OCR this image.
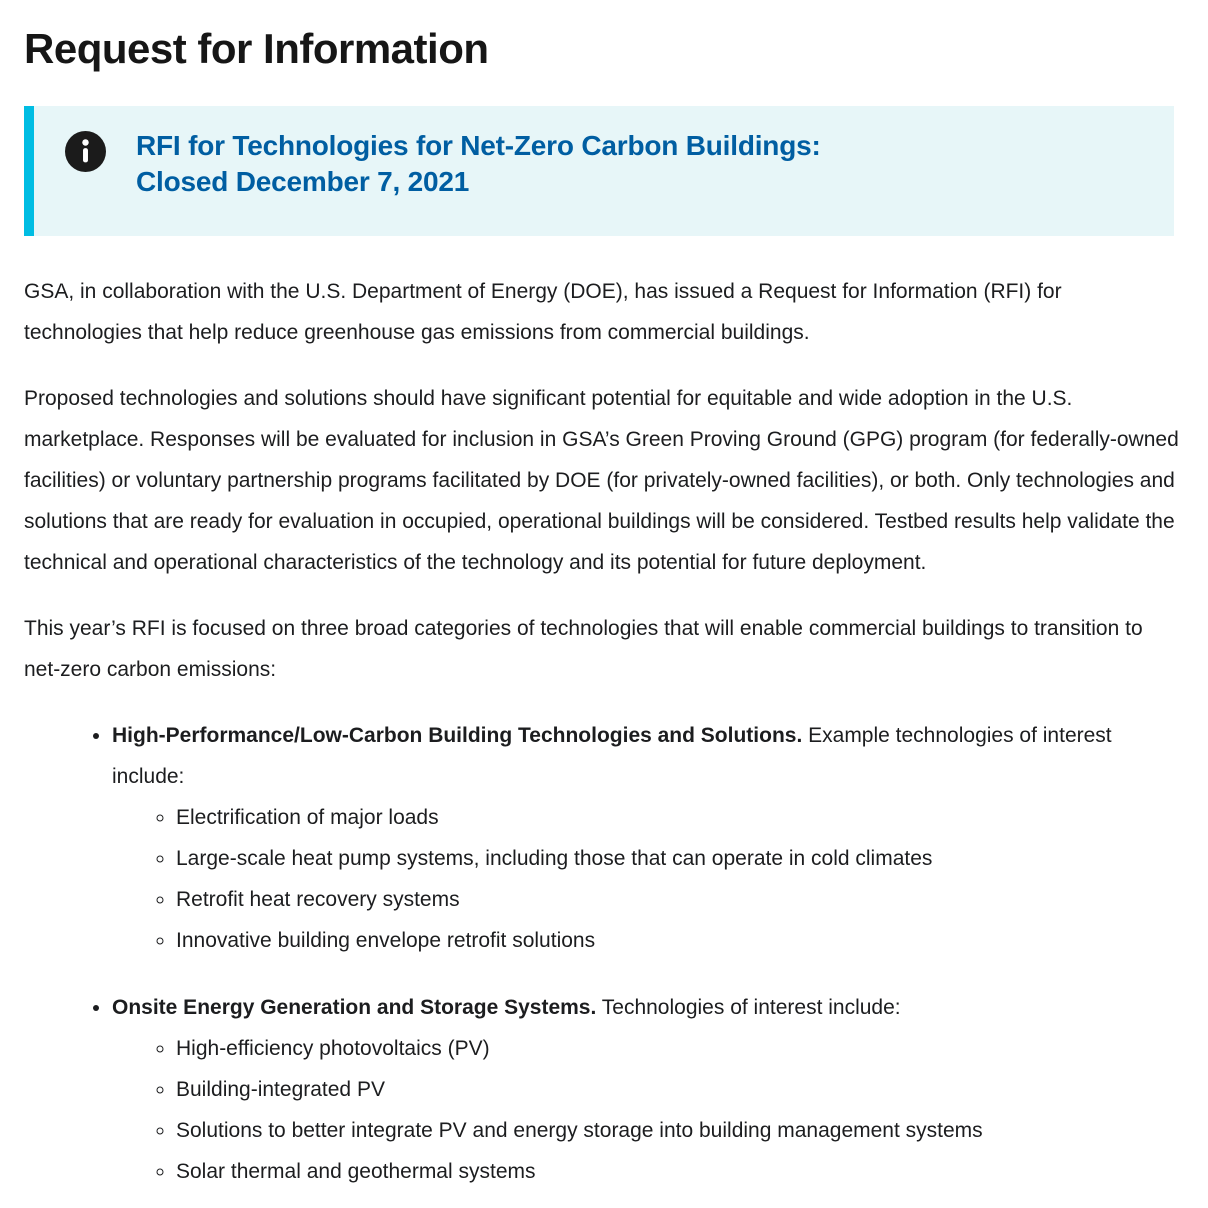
Request for Information
RFI for Technologies for Net-Zero Carbon Buildings:
Closed December 7, 2021

GSA, in collaboration with the U.S. Department of Energy (DOE), has issued a Request for Information (RFI) for technologies that help reduce greenhouse gas emissions from commercial buildings.

Proposed technologies and solutions should have significant potential for equitable and wide adoption in the U.S. marketplace. Responses will be evaluated for inclusion in GSA’s Green Proving Ground (GPG) program (for federally-owned facilities) or voluntary partnership programs facilitated by DOE (for privately-owned facilities), or both. Only technologies and solutions that are ready for evaluation in occupied, operational buildings will be considered. Testbed results help validate the technical and operational characteristics of the technology and its potential for future deployment.

This year’s RFI is focused on three broad categories of technologies that will enable commercial buildings to transition to net-zero carbon emissions:

• High-Performance/Low-Carbon Building Technologies and Solutions. Example technologies of interest include:
◦ Electrification of major loads
◦ Large-scale heat pump systems, including those that can operate in cold climates
◦ Retrofit heat recovery systems
◦ Innovative building envelope retrofit solutions
• Onsite Energy Generation and Storage Systems. Technologies of interest include:
◦ High-efficiency photovoltaics (PV)
◦ Building-integrated PV
◦ Solutions to better integrate PV and energy storage into building management systems
◦ Solar thermal and geothermal systems
